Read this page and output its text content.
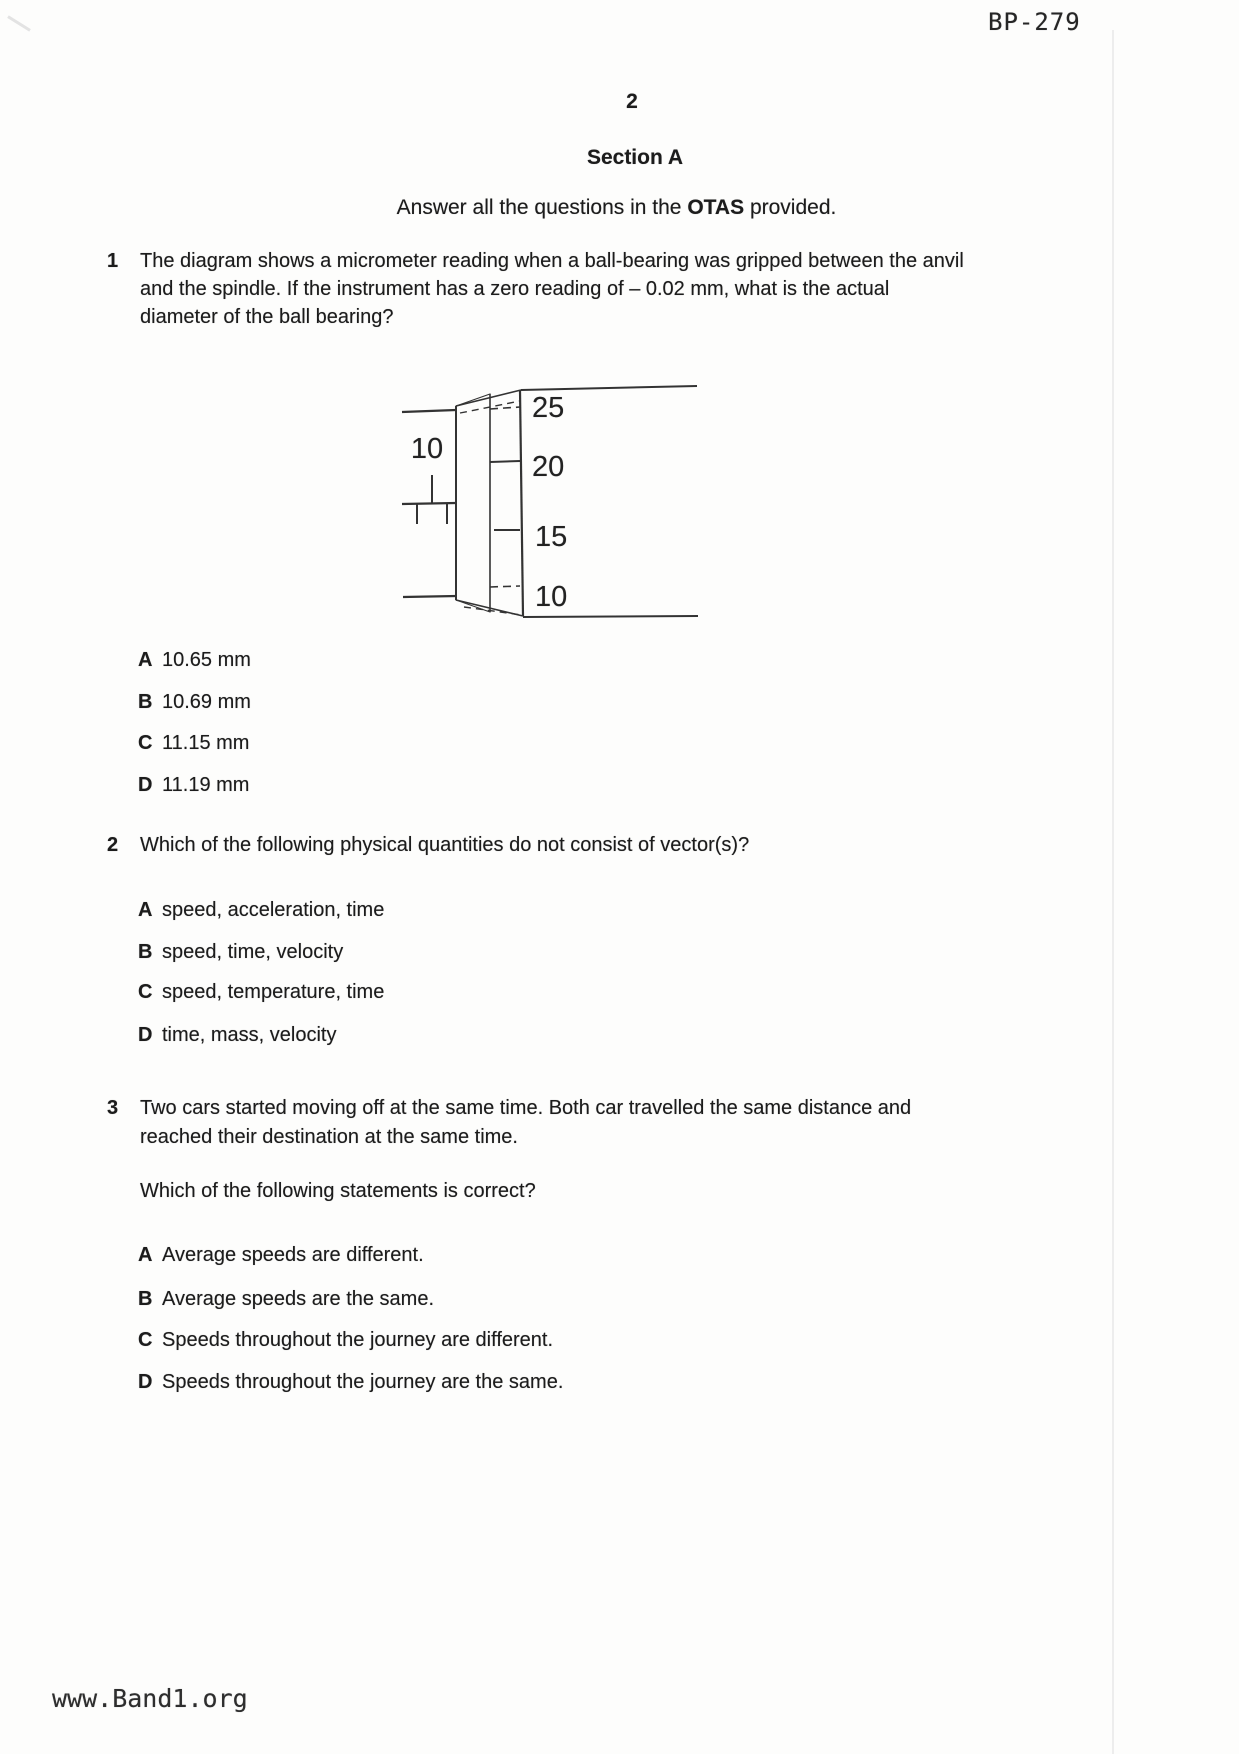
BP-279
2
Section A
Answer all the questions in the OTAS provided.
1 The diagram shows a micrometer reading when a ball-bearing was gripped between the anvil
and the spindle. If the instrument has a zero reading of – 0.02 mm, what is the actual
diameter of the ball bearing?
10
25
20
15
10
A 10.65 mm
B 10.69 mm
C 11.15 mm
D 11.19 mm
2 Which of the following physical quantities do not consist of vector(s)?
A speed, acceleration, time
B speed, time, velocity
C speed, temperature, time
D time, mass, velocity
3 Two cars started moving off at the same time. Both car travelled the same distance and
reached their destination at the same time.
Which of the following statements is correct?
A Average speeds are different.
B Average speeds are the same.
C Speeds throughout the journey are different.
D Speeds throughout the journey are the same.
www.Band1.org
